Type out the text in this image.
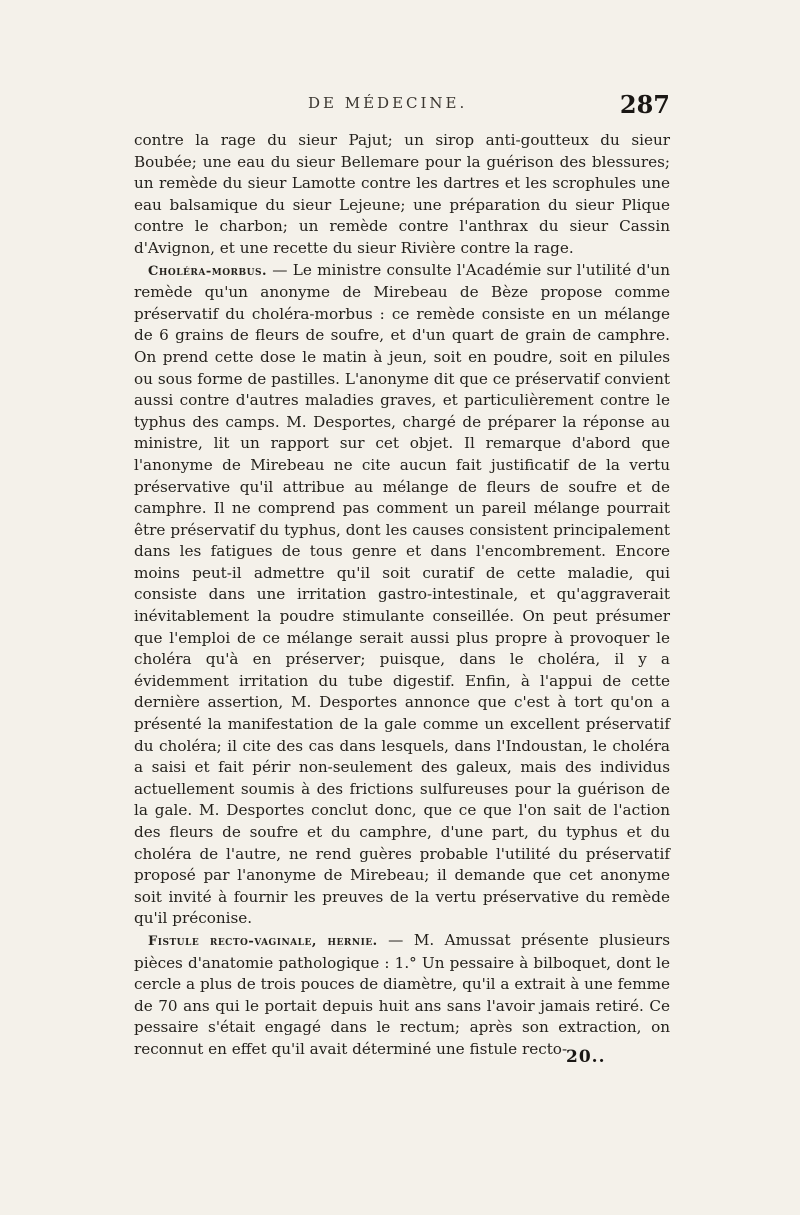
DE MÉDECINE.	287

contre la rage du sieur Pajut; un sirop anti-goutteux du sieur Boubée; une eau du sieur Bellemare pour la guérison des blessures; un remède du sieur Lamotte contre les dartres et les scrophules une eau balsamique du sieur Lejeune; une préparation du sieur Plique contre le charbon; un remède contre l'anthrax du sieur Cassin d'Avignon, et une recette du sieur Rivière contre la rage.

Choléra-morbus. — Le ministre consulte l'Académie sur l'utilité d'un remède qu'un anonyme de Mirebeau de Bèze propose comme préservatif du choléra-morbus : ce remède consiste en un mélange de 6 grains de fleurs de soufre, et d'un quart de grain de camphre. On prend cette dose le matin à jeun, soit en poudre, soit en pilules ou sous forme de pastilles. L'anonyme dit que ce préservatif convient aussi contre d'autres maladies graves, et particulièrement contre le typhus des camps. M. Desportes, chargé de préparer la réponse au ministre, lit un rapport sur cet objet. Il remarque d'abord que l'anonyme de Mirebeau ne cite aucun fait justificatif de la vertu préservative qu'il attribue au mélange de fleurs de soufre et de camphre. Il ne comprend pas comment un pareil mélange pourrait être préservatif du typhus, dont les causes consistent principalement dans les fatigues de tous genre et dans l'encombrement. Encore moins peut-il admettre qu'il soit curatif de cette maladie, qui consiste dans une irritation gastro-intestinale, et qu'aggraverait inévitablement la poudre stimulante conseillée. On peut présumer que l'emploi de ce mélange serait aussi plus propre à provoquer le choléra qu'à en préserver; puisque, dans le choléra, il y a évidemment irritation du tube digestif. Enfin, à l'appui de cette dernière assertion, M. Desportes annonce que c'est à tort qu'on a présenté la manifestation de la gale comme un excellent préservatif du choléra; il cite des cas dans lesquels, dans l'Indoustan, le choléra a saisi et fait périr non-seulement des galeux, mais des individus actuellement soumis à des frictions sulfureuses pour la guérison de la gale. M. Desportes conclut donc, que ce que l'on sait de l'action des fleurs de soufre et du camphre, d'une part, du typhus et du choléra de l'autre, ne rend guères probable l'utilité du préservatif proposé par l'anonyme de Mirebeau; il demande que cet anonyme soit invité à fournir les preuves de la vertu préservative du remède qu'il préconise.

Fistule recto-vaginale, hernie. — M. Amussat présente plusieurs pièces d'anatomie pathologique : 1.° Un pessaire à bilboquet, dont le cercle a plus de trois pouces de diamètre, qu'il a extrait à une femme de 70 ans qui le portait depuis huit ans sans l'avoir jamais retiré. Ce pessaire s'était engagé dans le rectum; après son extraction, on reconnut en effet qu'il avait déterminé une fistule recto-

20..
